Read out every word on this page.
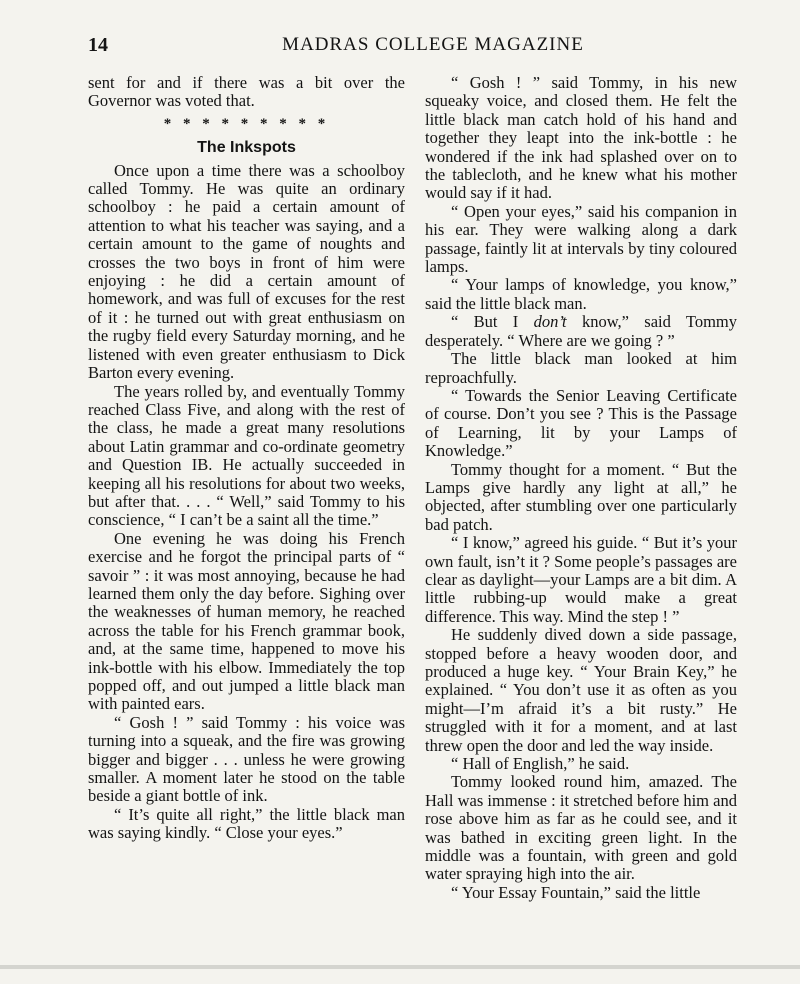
14	MADRAS COLLEGE MAGAZINE

sent for and if there was a bit over the Governor was voted that.

* * * * * * * * *
The Inkspots

Once upon a time there was a schoolboy called Tommy. He was quite an ordinary schoolboy : he paid a certain amount of attention to what his teacher was saying, and a certain amount to the game of noughts and crosses the two boys in front of him were enjoying : he did a certain amount of homework, and was full of excuses for the rest of it : he turned out with great enthusiasm on the rugby field every Saturday morning, and he listened with even greater enthusiasm to Dick Barton every evening.

The years rolled by, and eventually Tommy reached Class Five, and along with the rest of the class, he made a great many resolutions about Latin grammar and co-ordinate geometry and Question IB. He actually succeeded in keeping all his resolutions for about two weeks, but after that. . . . “ Well,” said Tommy to his conscience, “ I can’t be a saint all the time.”

One evening he was doing his French exercise and he forgot the principal parts of “ savoir ” : it was most annoying, because he had learned them only the day before. Sighing over the weaknesses of human memory, he reached across the table for his French grammar book, and, at the same time, happened to move his ink-bottle with his elbow. Immediately the top popped off, and out jumped a little black man with painted ears.

“ Gosh ! ” said Tommy : his voice was turning into a squeak, and the fire was growing bigger and bigger . . . unless he were growing smaller. A moment later he stood on the table beside a giant bottle of ink.

“ It’s quite all right,” the little black man was saying kindly. “ Close your eyes.”

“ Gosh ! ” said Tommy, in his new squeaky voice, and closed them. He felt the little black man catch hold of his hand and together they leapt into the ink-bottle : he wondered if the ink had splashed over on to the tablecloth, and he knew what his mother would say if it had.

“ Open your eyes,” said his companion in his ear. They were walking along a dark passage, faintly lit at intervals by tiny coloured lamps.

“ Your lamps of knowledge, you know,” said the little black man.

“ But I don’t know,” said Tommy desperately. “ Where are we going ? ”

The little black man looked at him reproachfully.

“ Towards the Senior Leaving Certificate of course. Don’t you see ? This is the Passage of Learning, lit by your Lamps of Knowledge.”

Tommy thought for a moment. “ But the Lamps give hardly any light at all,” he objected, after stumbling over one particularly bad patch.

“ I know,” agreed his guide. “ But it’s your own fault, isn’t it ? Some people’s passages are clear as daylight—your Lamps are a bit dim. A little rubbing-up would make a great difference. This way. Mind the step ! ”

He suddenly dived down a side passage, stopped before a heavy wooden door, and produced a huge key. “ Your Brain Key,” he explained. “ You don’t use it as often as you might—I’m afraid it’s a bit rusty.” He struggled with it for a moment, and at last threw open the door and led the way inside.

“ Hall of English,” he said.

Tommy looked round him, amazed. The Hall was immense : it stretched before him and rose above him as far as he could see, and it was bathed in exciting green light. In the middle was a fountain, with green and gold water spraying high into the air.

“ Your Essay Fountain,” said the little
